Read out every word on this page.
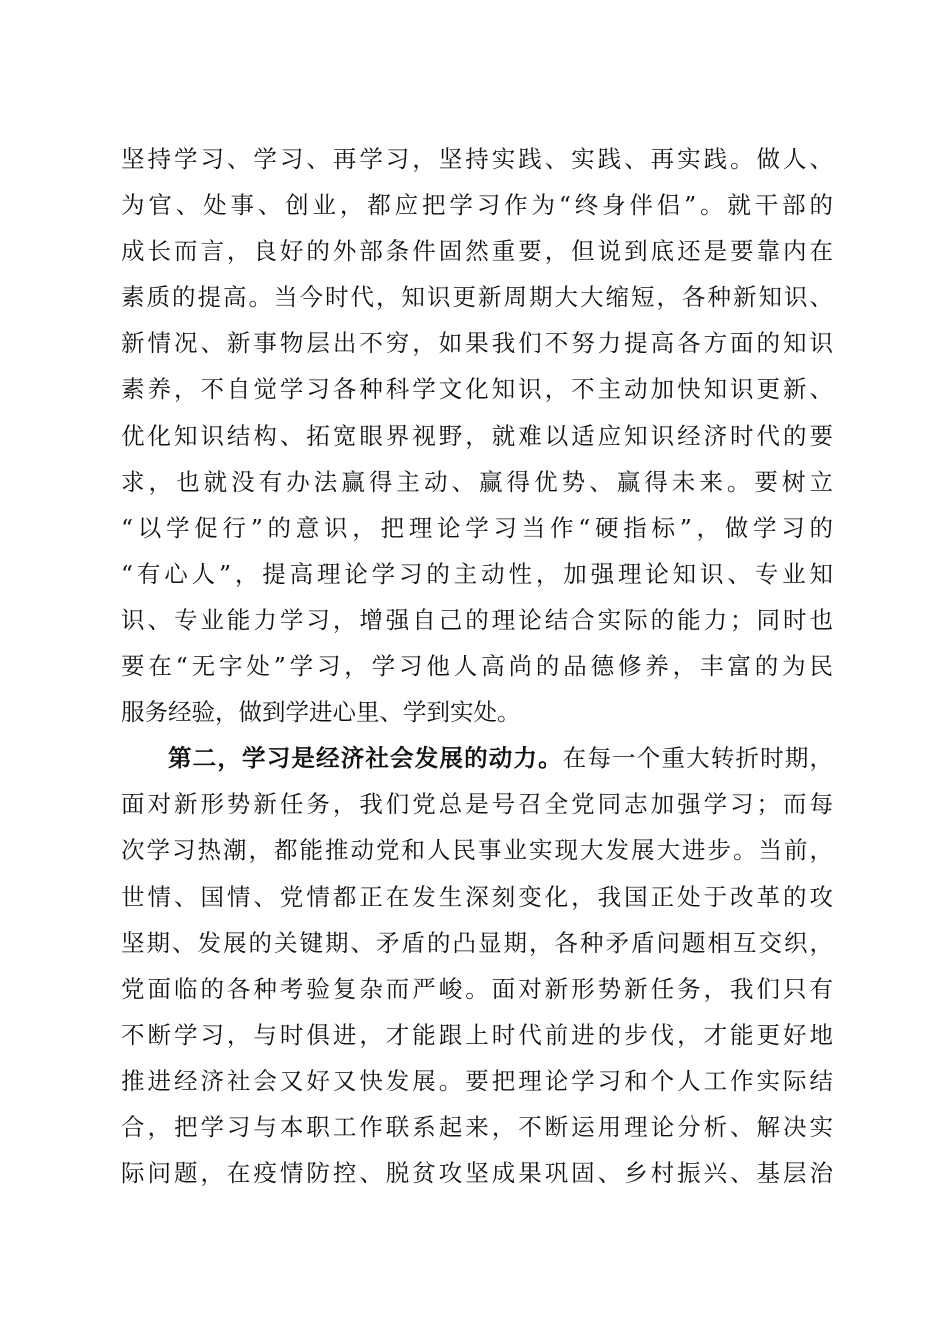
坚持学习、学习、再学习，坚持实践、实践、再实践。做人、
为官、处事、创业，都应把学习作为“终身伴侣”。就干部的
成长而言，良好的外部条件固然重要，但说到底还是要靠内在
素质的提高。当今时代，知识更新周期大大缩短，各种新知识、
新情况、新事物层出不穷，如果我们不努力提高各方面的知识
素养，不自觉学习各种科学文化知识，不主动加快知识更新、
优化知识结构、拓宽眼界视野，就难以适应知识经济时代的要
求，也就没有办法赢得主动、赢得优势、赢得未来。要树立
“以学促行”的意识，把理论学习当作“硬指标”，做学习的
“有心人”，提高理论学习的主动性，加强理论知识、专业知
识、专业能力学习，增强自己的理论结合实际的能力；同时也
要在“无字处”学习，学习他人高尚的品德修养，丰富的为民
服务经验，做到学进心里、学到实处。
第二，学习是经济社会发展的动力。在每一个重大转折时期，
面对新形势新任务，我们党总是号召全党同志加强学习；而每
次学习热潮，都能推动党和人民事业实现大发展大进步。当前，
世情、国情、党情都正在发生深刻变化，我国正处于改革的攻
坚期、发展的关键期、矛盾的凸显期，各种矛盾问题相互交织，
党面临的各种考验复杂而严峻。面对新形势新任务，我们只有
不断学习，与时俱进，才能跟上时代前进的步伐，才能更好地
推进经济社会又好又快发展。要把理论学习和个人工作实际结
合，把学习与本职工作联系起来，不断运用理论分析、解决实
际问题，在疫情防控、脱贫攻坚成果巩固、乡村振兴、基层治
